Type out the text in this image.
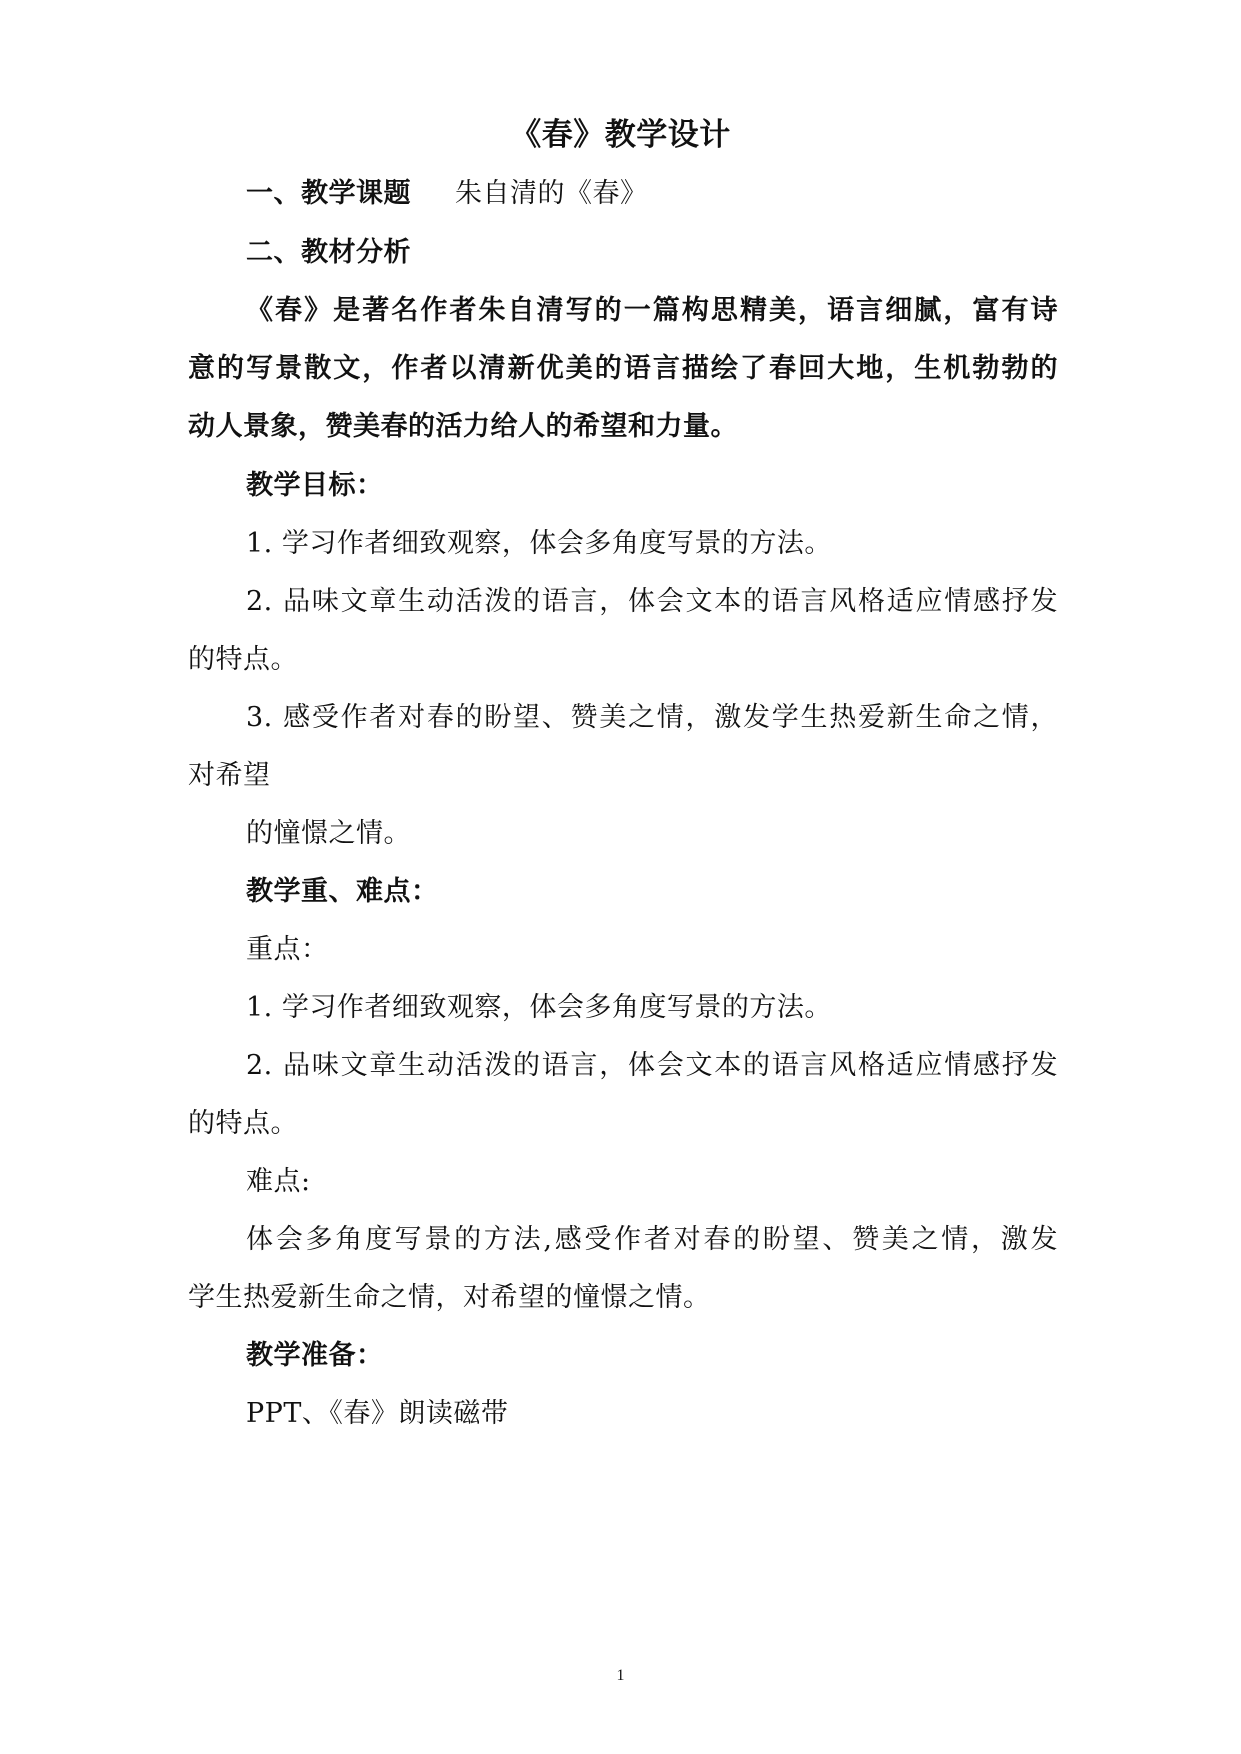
《春》教学设计
一、教学课题 朱自清的《春》
二、教材分析
《春》是著名作者朱自清写的一篇构思精美，语言细腻，富有诗
意的写景散文，作者以清新优美的语言描绘了春回大地，生机勃勃的
动人景象，赞美春的活力给人的希望和力量。
教学目标：
1. 学习作者细致观察，体会多角度写景的方法。
2. 品味文章生动活泼的语言，体会文本的语言风格适应情感抒发
的特点。
3. 感受作者对春的盼望、赞美之情，激发学生热爱新生命之情，
对希望
的憧憬之情。
教学重、难点：
重点：
1. 学习作者细致观察，体会多角度写景的方法。
2. 品味文章生动活泼的语言，体会文本的语言风格适应情感抒发
的特点。
难点:
体会多角度写景的方法,感受作者对春的盼望、赞美之情，激发
学生热爱新生命之情，对希望的憧憬之情。
教学准备：
PPT、《春》朗读磁带
1
